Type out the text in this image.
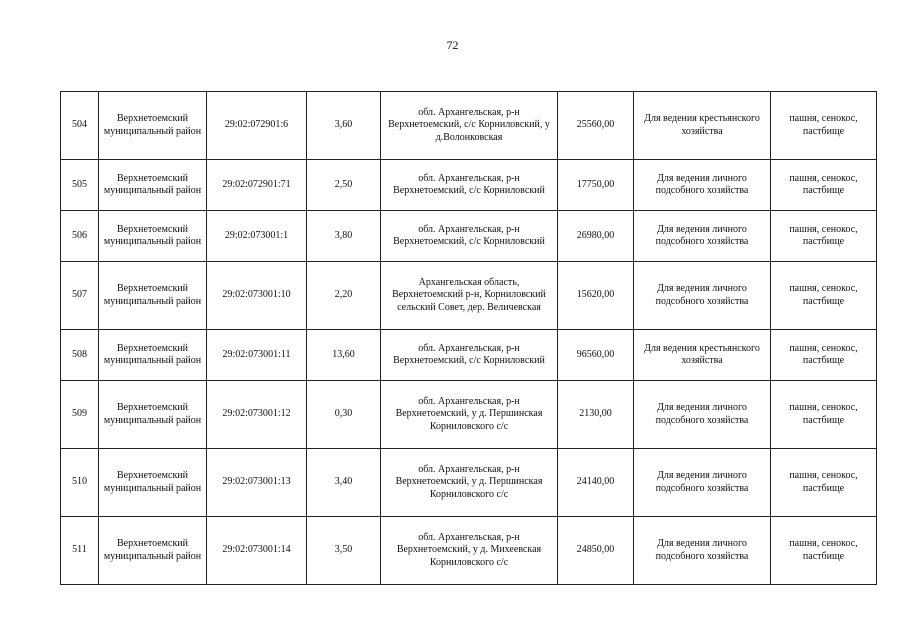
72
504	Верхнетоемский муниципальный район	29:02:072901:6	3,60	обл. Архангельская, р-н Верхнетоемский, с/с Корниловский, у д.Волонковская	25560,00	Для ведения крестьянского хозяйства	пашня, сенокос, пастбище
505	Верхнетоемский муниципальный район	29:02:072901:71	2,50	обл. Архангельская, р-н Верхнетоемский, с/с Корниловский	17750,00	Для ведения личного подсобного хозяйства	пашня, сенокос, пастбище
506	Верхнетоемский муниципальный район	29:02:073001:1	3,80	обл. Архангельская, р-н Верхнетоемский, с/с Корниловский	26980,00	Для ведения личного подсобного хозяйства	пашня, сенокос, пастбище
507	Верхнетоемский муниципальный район	29:02:073001:10	2,20	Архангельская область, Верхнетоемский р-н, Корниловский сельский Совет, дер. Величевская	15620,00	Для ведения личного подсобного хозяйства	пашня, сенокос, пастбище
508	Верхнетоемский муниципальный район	29:02:073001:11	13,60	обл. Архангельская, р-н Верхнетоемский, с/с Корниловский	96560,00	Для ведения крестьянского хозяйства	пашня, сенокос, пастбище
509	Верхнетоемский муниципальный район	29:02:073001:12	0,30	обл. Архангельская, р-н Верхнетоемский, у д. Першинская Корниловского с/с	2130,00	Для ведения личного подсобного хозяйства	пашня, сенокос, пастбище
510	Верхнетоемский муниципальный район	29:02:073001:13	3,40	обл. Архангельская, р-н Верхнетоемский, у д. Першинская Корниловского с/с	24140,00	Для ведения личного подсобного хозяйства	пашня, сенокос, пастбище
511	Верхнетоемский муниципальный район	29:02:073001:14	3,50	обл. Архангельская, р-н Верхнетоемский, у д. Михеевская Корниловского с/с	24850,00	Для ведения личного подсобного хозяйства	пашня, сенокос, пастбище
